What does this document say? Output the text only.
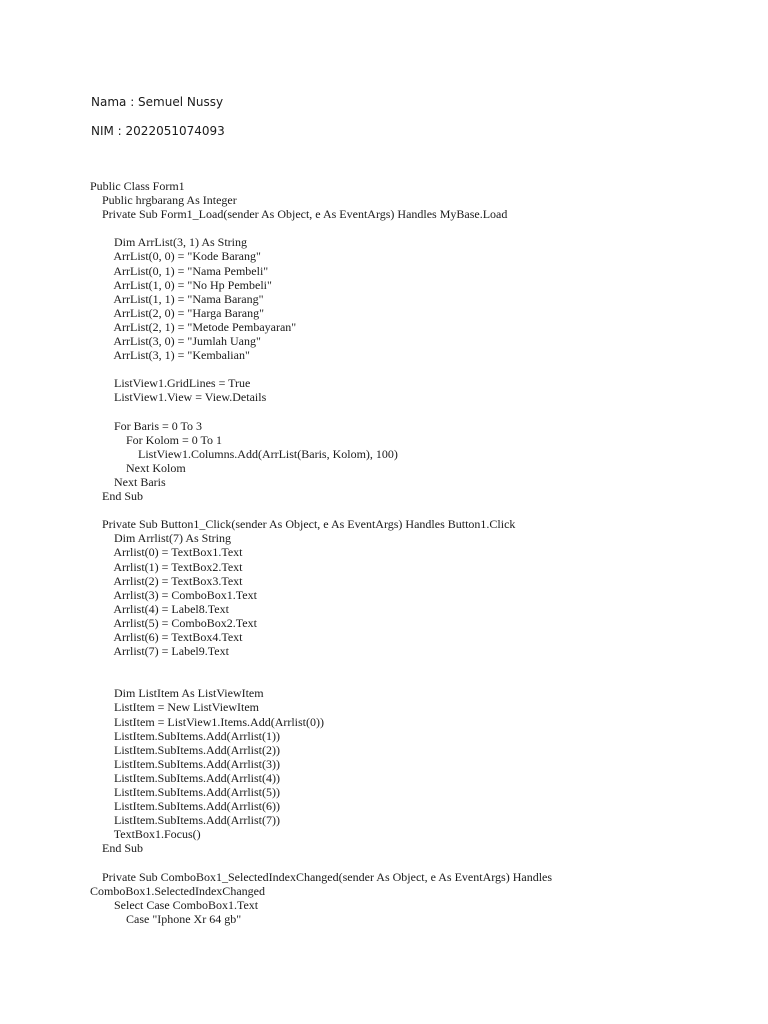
Nama : Semuel Nussy
NIM : 2022051074093
Public Class Form1
Public hrgbarang As Integer
Private Sub Form1_Load(sender As Object, e As EventArgs) Handles MyBase.Load
Dim ArrList(3, 1) As String
ArrList(0, 0) = "Kode Barang"
ArrList(0, 1) = "Nama Pembeli"
ArrList(1, 0) = "No Hp Pembeli"
ArrList(1, 1) = "Nama Barang"
ArrList(2, 0) = "Harga Barang"
ArrList(2, 1) = "Metode Pembayaran"
ArrList(3, 0) = "Jumlah Uang"
ArrList(3, 1) = "Kembalian"
ListView1.GridLines = True
ListView1.View = View.Details
For Baris = 0 To 3
For Kolom = 0 To 1
ListView1.Columns.Add(ArrList(Baris, Kolom), 100)
Next Kolom
Next Baris
End Sub
Private Sub Button1_Click(sender As Object, e As EventArgs) Handles Button1.Click
Dim Arrlist(7) As String
Arrlist(0) = TextBox1.Text
Arrlist(1) = TextBox2.Text
Arrlist(2) = TextBox3.Text
Arrlist(3) = ComboBox1.Text
Arrlist(4) = Label8.Text
Arrlist(5) = ComboBox2.Text
Arrlist(6) = TextBox4.Text
Arrlist(7) = Label9.Text
Dim ListItem As ListViewItem
ListItem = New ListViewItem
ListItem = ListView1.Items.Add(Arrlist(0))
ListItem.SubItems.Add(Arrlist(1))
ListItem.SubItems.Add(Arrlist(2))
ListItem.SubItems.Add(Arrlist(3))
ListItem.SubItems.Add(Arrlist(4))
ListItem.SubItems.Add(Arrlist(5))
ListItem.SubItems.Add(Arrlist(6))
ListItem.SubItems.Add(Arrlist(7))
TextBox1.Focus()
End Sub
Private Sub ComboBox1_SelectedIndexChanged(sender As Object, e As EventArgs) Handles
ComboBox1.SelectedIndexChanged
Select Case ComboBox1.Text
Case "Iphone Xr 64 gb"
